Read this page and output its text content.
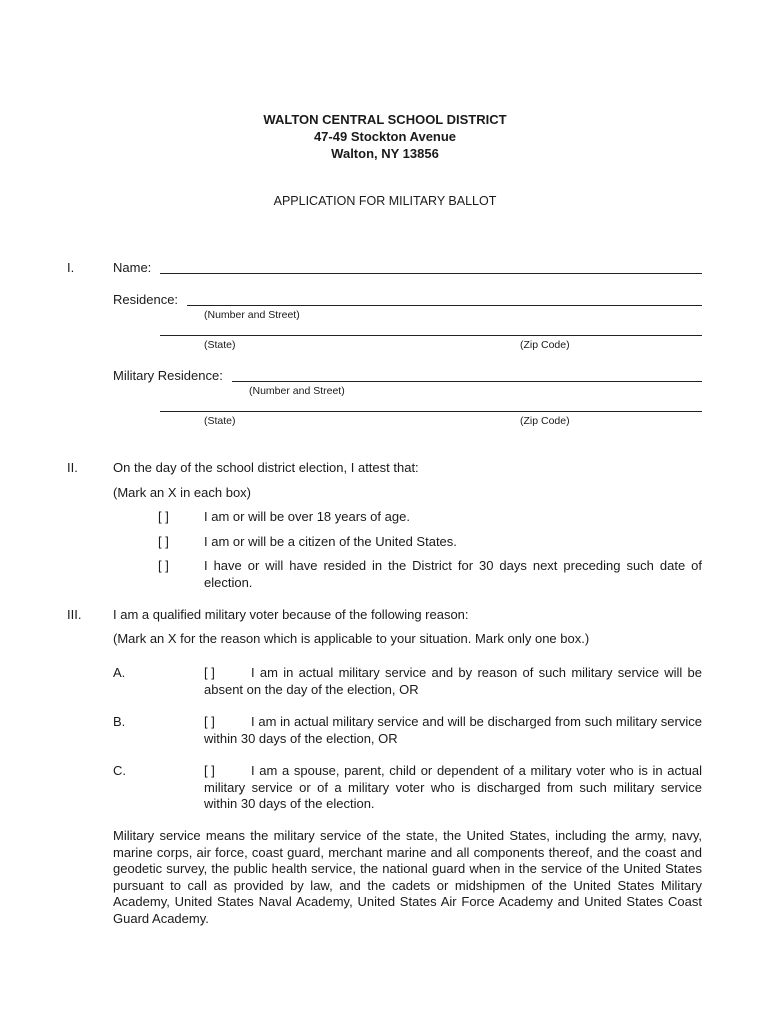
WALTON CENTRAL SCHOOL DISTRICT
47-49 Stockton Avenue
Walton, NY 13856
APPLICATION FOR MILITARY BALLOT
I.	Name:
Residence:
(Number and Street)
(State)	(Zip Code)
Military Residence:
(Number and Street)
(State)	(Zip Code)
II.	On the day of the school district election, I attest that:
(Mark an X in each box)
[ ]	I am or will be over 18 years of age.
[ ]	I am or will be a citizen of the United States.
[ ]	I have or will have resided in the District for 30 days next preceding such date of election.
III. I am a qualified military voter because of the following reason:
(Mark an X for the reason which is applicable to your situation. Mark only one box.)
A.	[ ]	I am in actual military service and by reason of such military service will be absent on the day of the election, OR
B.	[ ]	I am in actual military service and will be discharged from such military service within 30 days of the election, OR
C.	[ ]	I am a spouse, parent, child or dependent of a military voter who is in actual military service or of a military voter who is discharged from such military service within 30 days of the election.
Military service means the military service of the state, the United States, including the army, navy, marine corps, air force, coast guard, merchant marine and all components thereof, and the coast and geodetic survey, the public health service, the national guard when in the service of the United States pursuant to call as provided by law, and the cadets or midshipmen of the United States Military Academy, United States Naval Academy, United States Air Force Academy and United States Coast Guard Academy.
